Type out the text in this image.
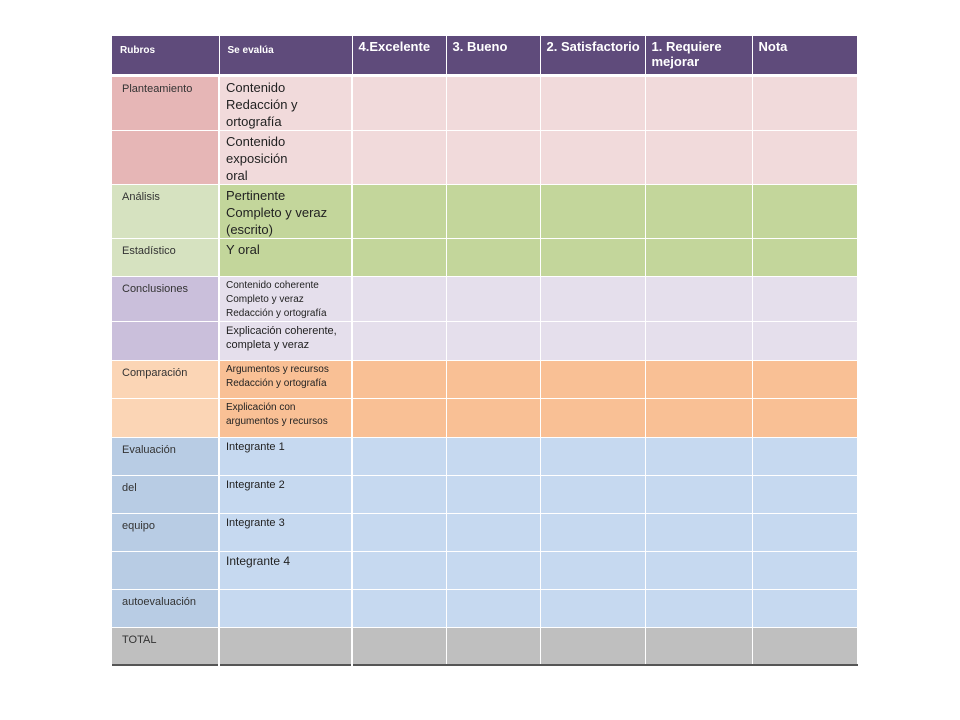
Rubros	Se evalúa	4.Excelente	3. Bueno	2. Satisfactorio	1. Requiere mejorar	Nota

Planteamiento	Contenido
Redacción y
ortografía					

	Contenido
exposición
oral					

Análisis	Pertinente
Completo y veraz
(escrito)					

Estadístico	Y oral					

Conclusiones	Contenido coherente
Completo y veraz
Redacción y ortografía					

	Explicación coherente, completa y veraz					

Comparación	Argumentos y recursos
Redacción y ortografía					

	Explicación con
argumentos y recursos					

Evaluación	Integrante 1					

del	Integrante 2					

equipo	Integrante 3					

	Integrante 4					

autoevaluación						

TOTAL						
